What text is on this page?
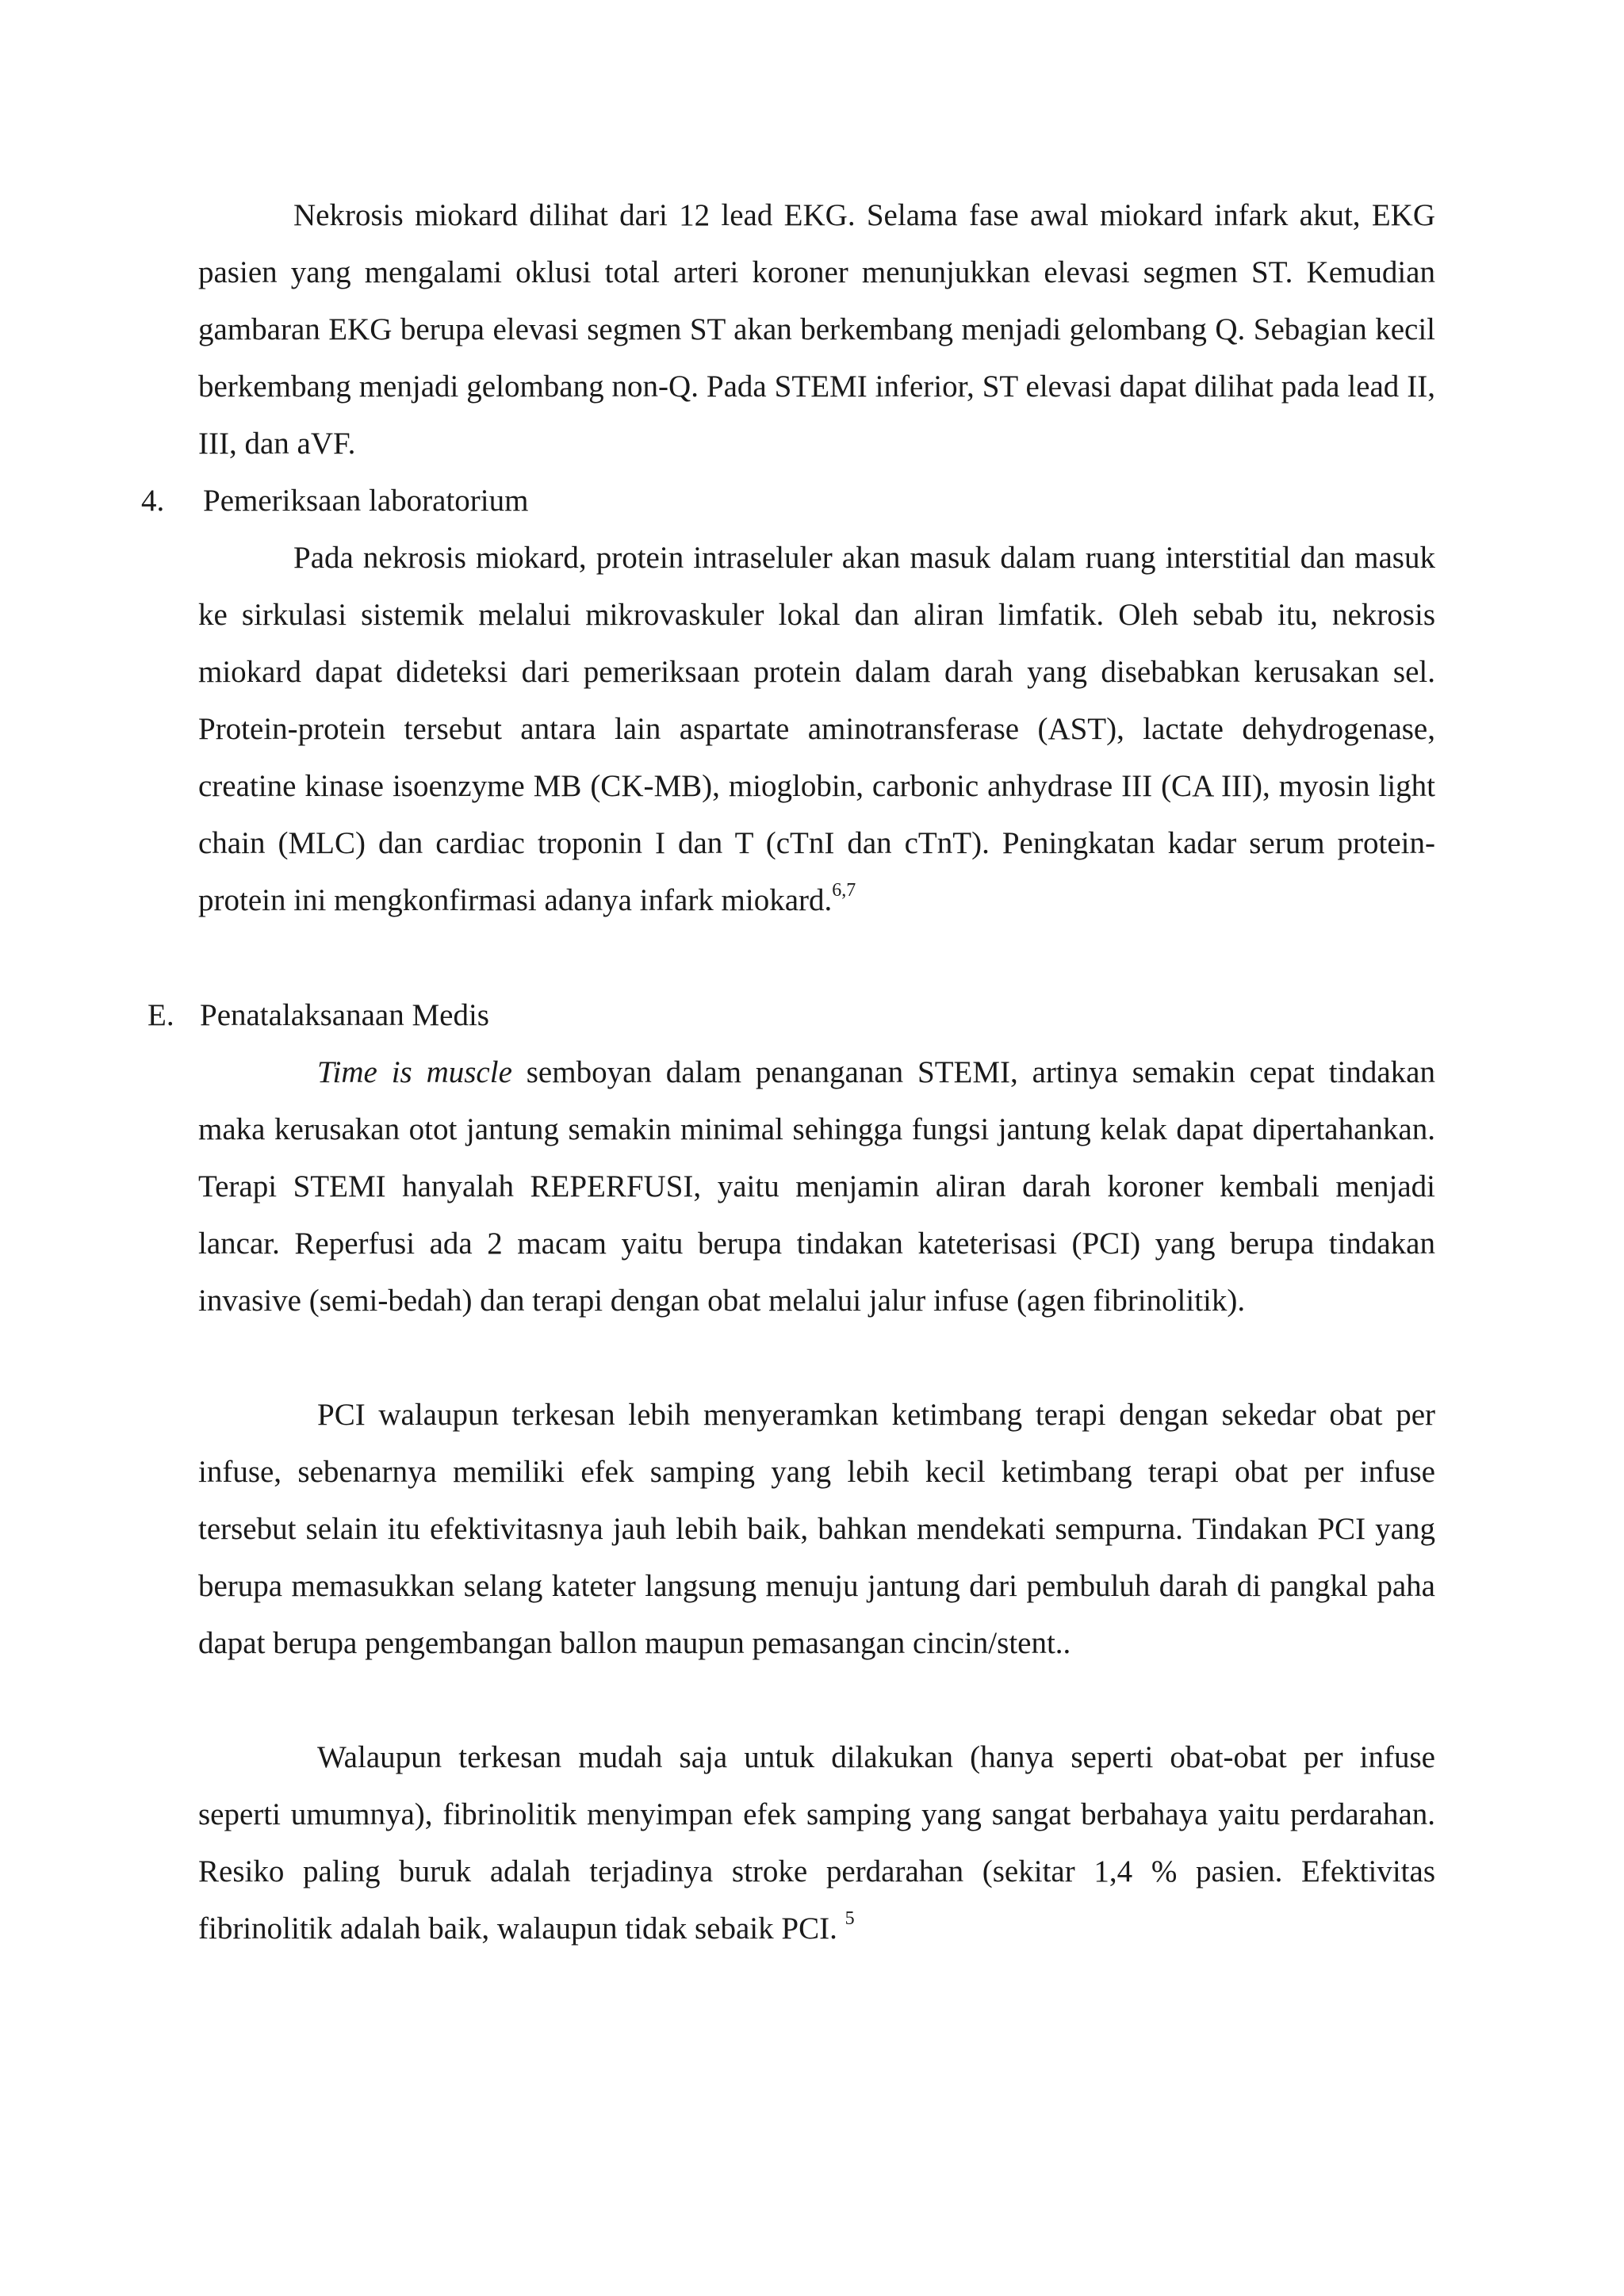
Nekrosis miokard dilihat dari 12 lead EKG. Selama fase awal miokard infark akut, EKG pasien yang mengalami oklusi total arteri koroner menunjukkan elevasi segmen ST. Kemudian gambaran EKG berupa elevasi segmen ST akan berkembang menjadi gelombang Q. Sebagian kecil berkembang menjadi gelombang non-Q. Pada STEMI inferior, ST elevasi dapat dilihat pada lead II, III, dan aVF.

4. Pemeriksaan laboratorium

Pada nekrosis miokard, protein intraseluler akan masuk dalam ruang interstitial dan masuk ke sirkulasi sistemik melalui mikrovaskuler lokal dan aliran limfatik. Oleh sebab itu, nekrosis miokard dapat dideteksi dari pemeriksaan protein dalam darah yang disebabkan kerusakan sel. Protein-protein tersebut antara lain aspartate aminotransferase (AST), lactate dehydrogenase, creatine kinase isoenzyme MB (CK-MB), mioglobin, carbonic anhydrase III (CA III), myosin light chain (MLC) dan cardiac troponin I dan T (cTnI dan cTnT). Peningkatan kadar serum protein-protein ini mengkonfirmasi adanya infark miokard.$^{6,7}$

E. Penatalaksanaan Medis

Time is muscle semboyan dalam penanganan STEMI, artinya semakin cepat tindakan maka kerusakan otot jantung semakin minimal sehingga fungsi jantung kelak dapat dipertahankan. Terapi STEMI hanyalah REPERFUSI, yaitu menjamin aliran darah koroner kembali menjadi lancar. Reperfusi ada 2 macam yaitu berupa tindakan kateterisasi (PCI) yang berupa tindakan invasive (semi-bedah) dan terapi dengan obat melalui jalur infuse (agen fibrinolitik).

PCI walaupun terkesan lebih menyeramkan ketimbang terapi dengan sekedar obat per infuse, sebenarnya memiliki efek samping yang lebih kecil ketimbang terapi obat per infuse tersebut selain itu efektivitasnya jauh lebih baik, bahkan mendekati sempurna. Tindakan PCI yang berupa memasukkan selang kateter langsung menuju jantung dari pembuluh darah di pangkal paha dapat berupa pengembangan ballon maupun pemasangan cincin/stent..

Walaupun terkesan mudah saja untuk dilakukan (hanya seperti obat-obat per infuse seperti umumnya), fibrinolitik menyimpan efek samping yang sangat berbahaya yaitu perdarahan. Resiko paling buruk adalah terjadinya stroke perdarahan (sekitar 1,4 % pasien. Efektivitas fibrinolitik adalah baik, walaupun tidak sebaik PCI. $^5$
